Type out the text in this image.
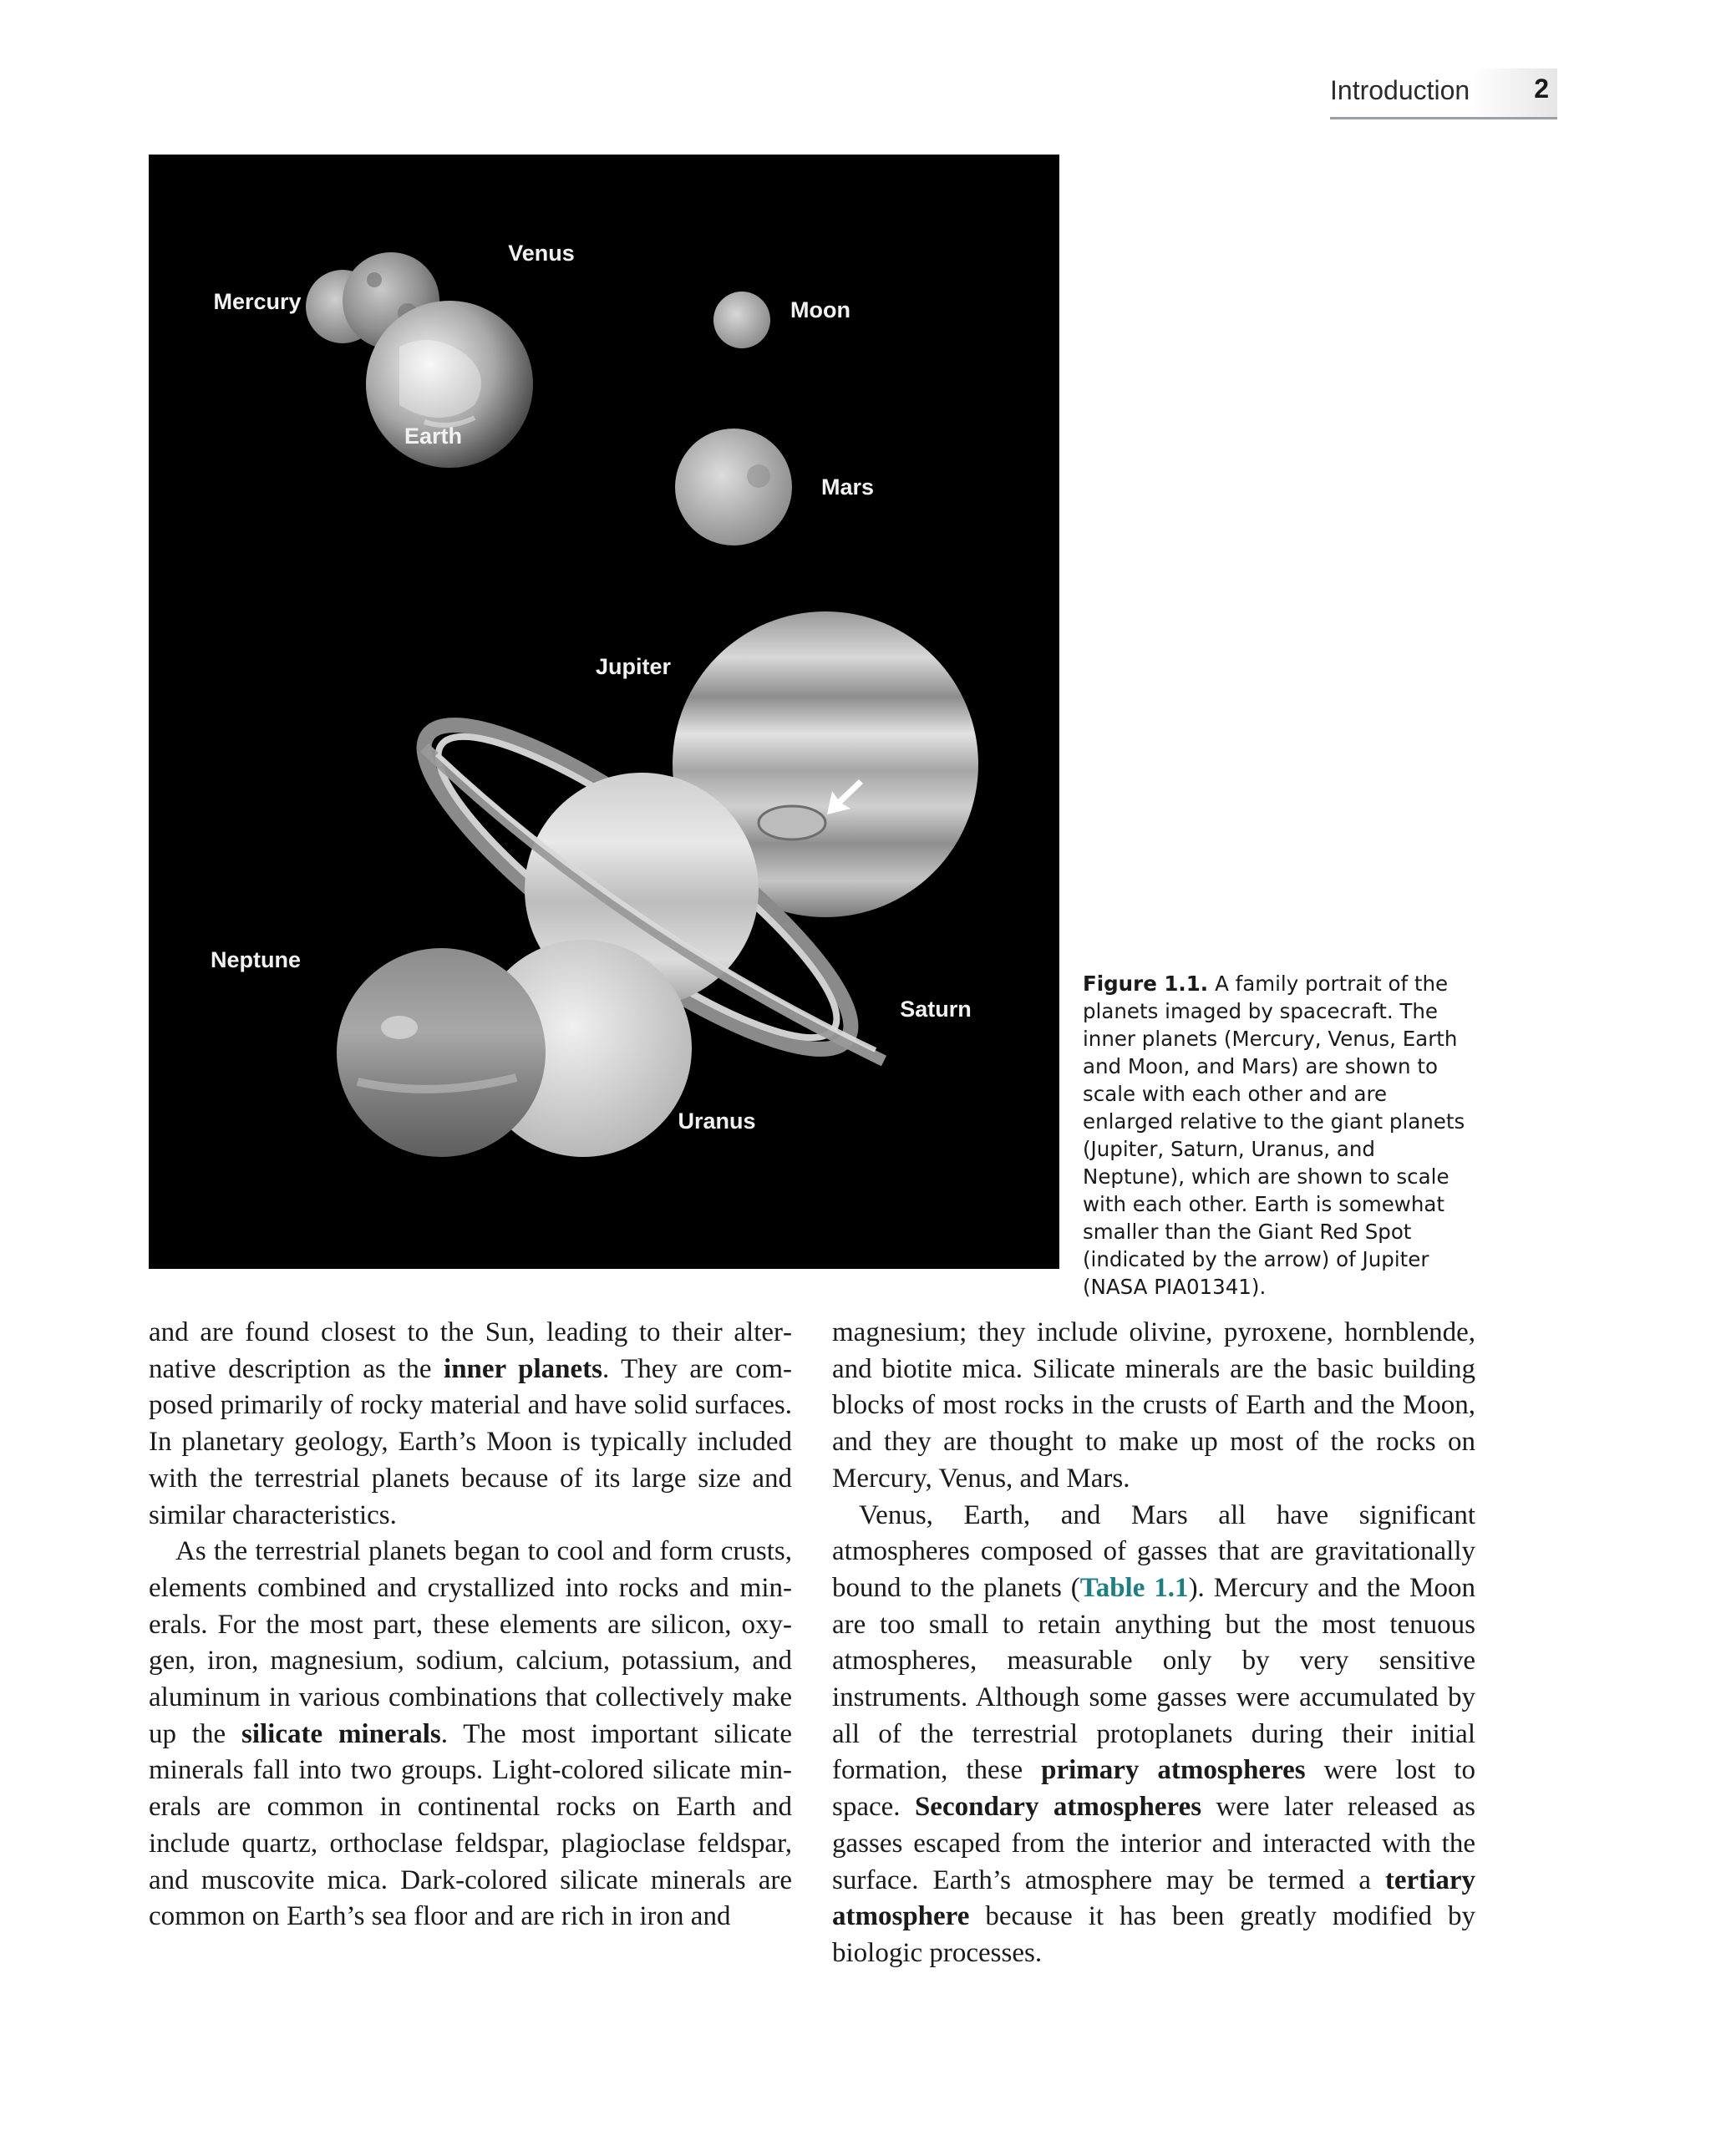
Introduction 2
Venus
Mercury	Moon
Earth
Mars
Jupiter
Neptune
Saturn
Uranus
Figure 1.1. A family portrait of the planets imaged by spacecraft. The inner planets (Mercury, Venus, Earth and Moon, and Mars) are shown to scale with each other and are enlarged relative to the giant planets (Jupiter, Saturn, Uranus, and Neptune), which are shown to scale with each other. Earth is somewhat smaller than the Giant Red Spot (indicated by the arrow) of Jupiter (NASA PIA01341).

and are found closest to the Sun, leading to their alternative description as the inner planets. They are composed primarily of rocky material and have solid surfaces. In planetary geology, Earth’s Moon is typically included with the terrestrial planets because of its large size and similar characteristics.

As the terrestrial planets began to cool and form crusts, elements combined and crystallized into rocks and minerals. For the most part, these elements are silicon, oxygen, iron, magnesium, sodium, calcium, potassium, and aluminum in various combinations that collectively make up the silicate minerals. The most important silicate minerals fall into two groups. Light-colored silicate minerals are common in continental rocks on Earth and include quartz, orthoclase feldspar, plagioclase feldspar, and muscovite mica. Dark-colored silicate minerals are common on Earth’s sea floor and are rich in iron and

magnesium; they include olivine, pyroxene, hornblende, and biotite mica. Silicate minerals are the basic building blocks of most rocks in the crusts of Earth and the Moon, and they are thought to make up most of the rocks on Mercury, Venus, and Mars.

Venus, Earth, and Mars all have significant atmospheres composed of gasses that are gravitationally bound to the planets (Table 1.1). Mercury and the Moon are too small to retain anything but the most tenuous atmospheres, measurable only by very sensitive instruments. Although some gasses were accumulated by all of the terrestrial protoplanets during their initial formation, these primary atmospheres were lost to space. Secondary atmospheres were later released as gasses escaped from the interior and interacted with the surface. Earth’s atmosphere may be termed a tertiary atmosphere because it has been greatly modified by biologic processes.
